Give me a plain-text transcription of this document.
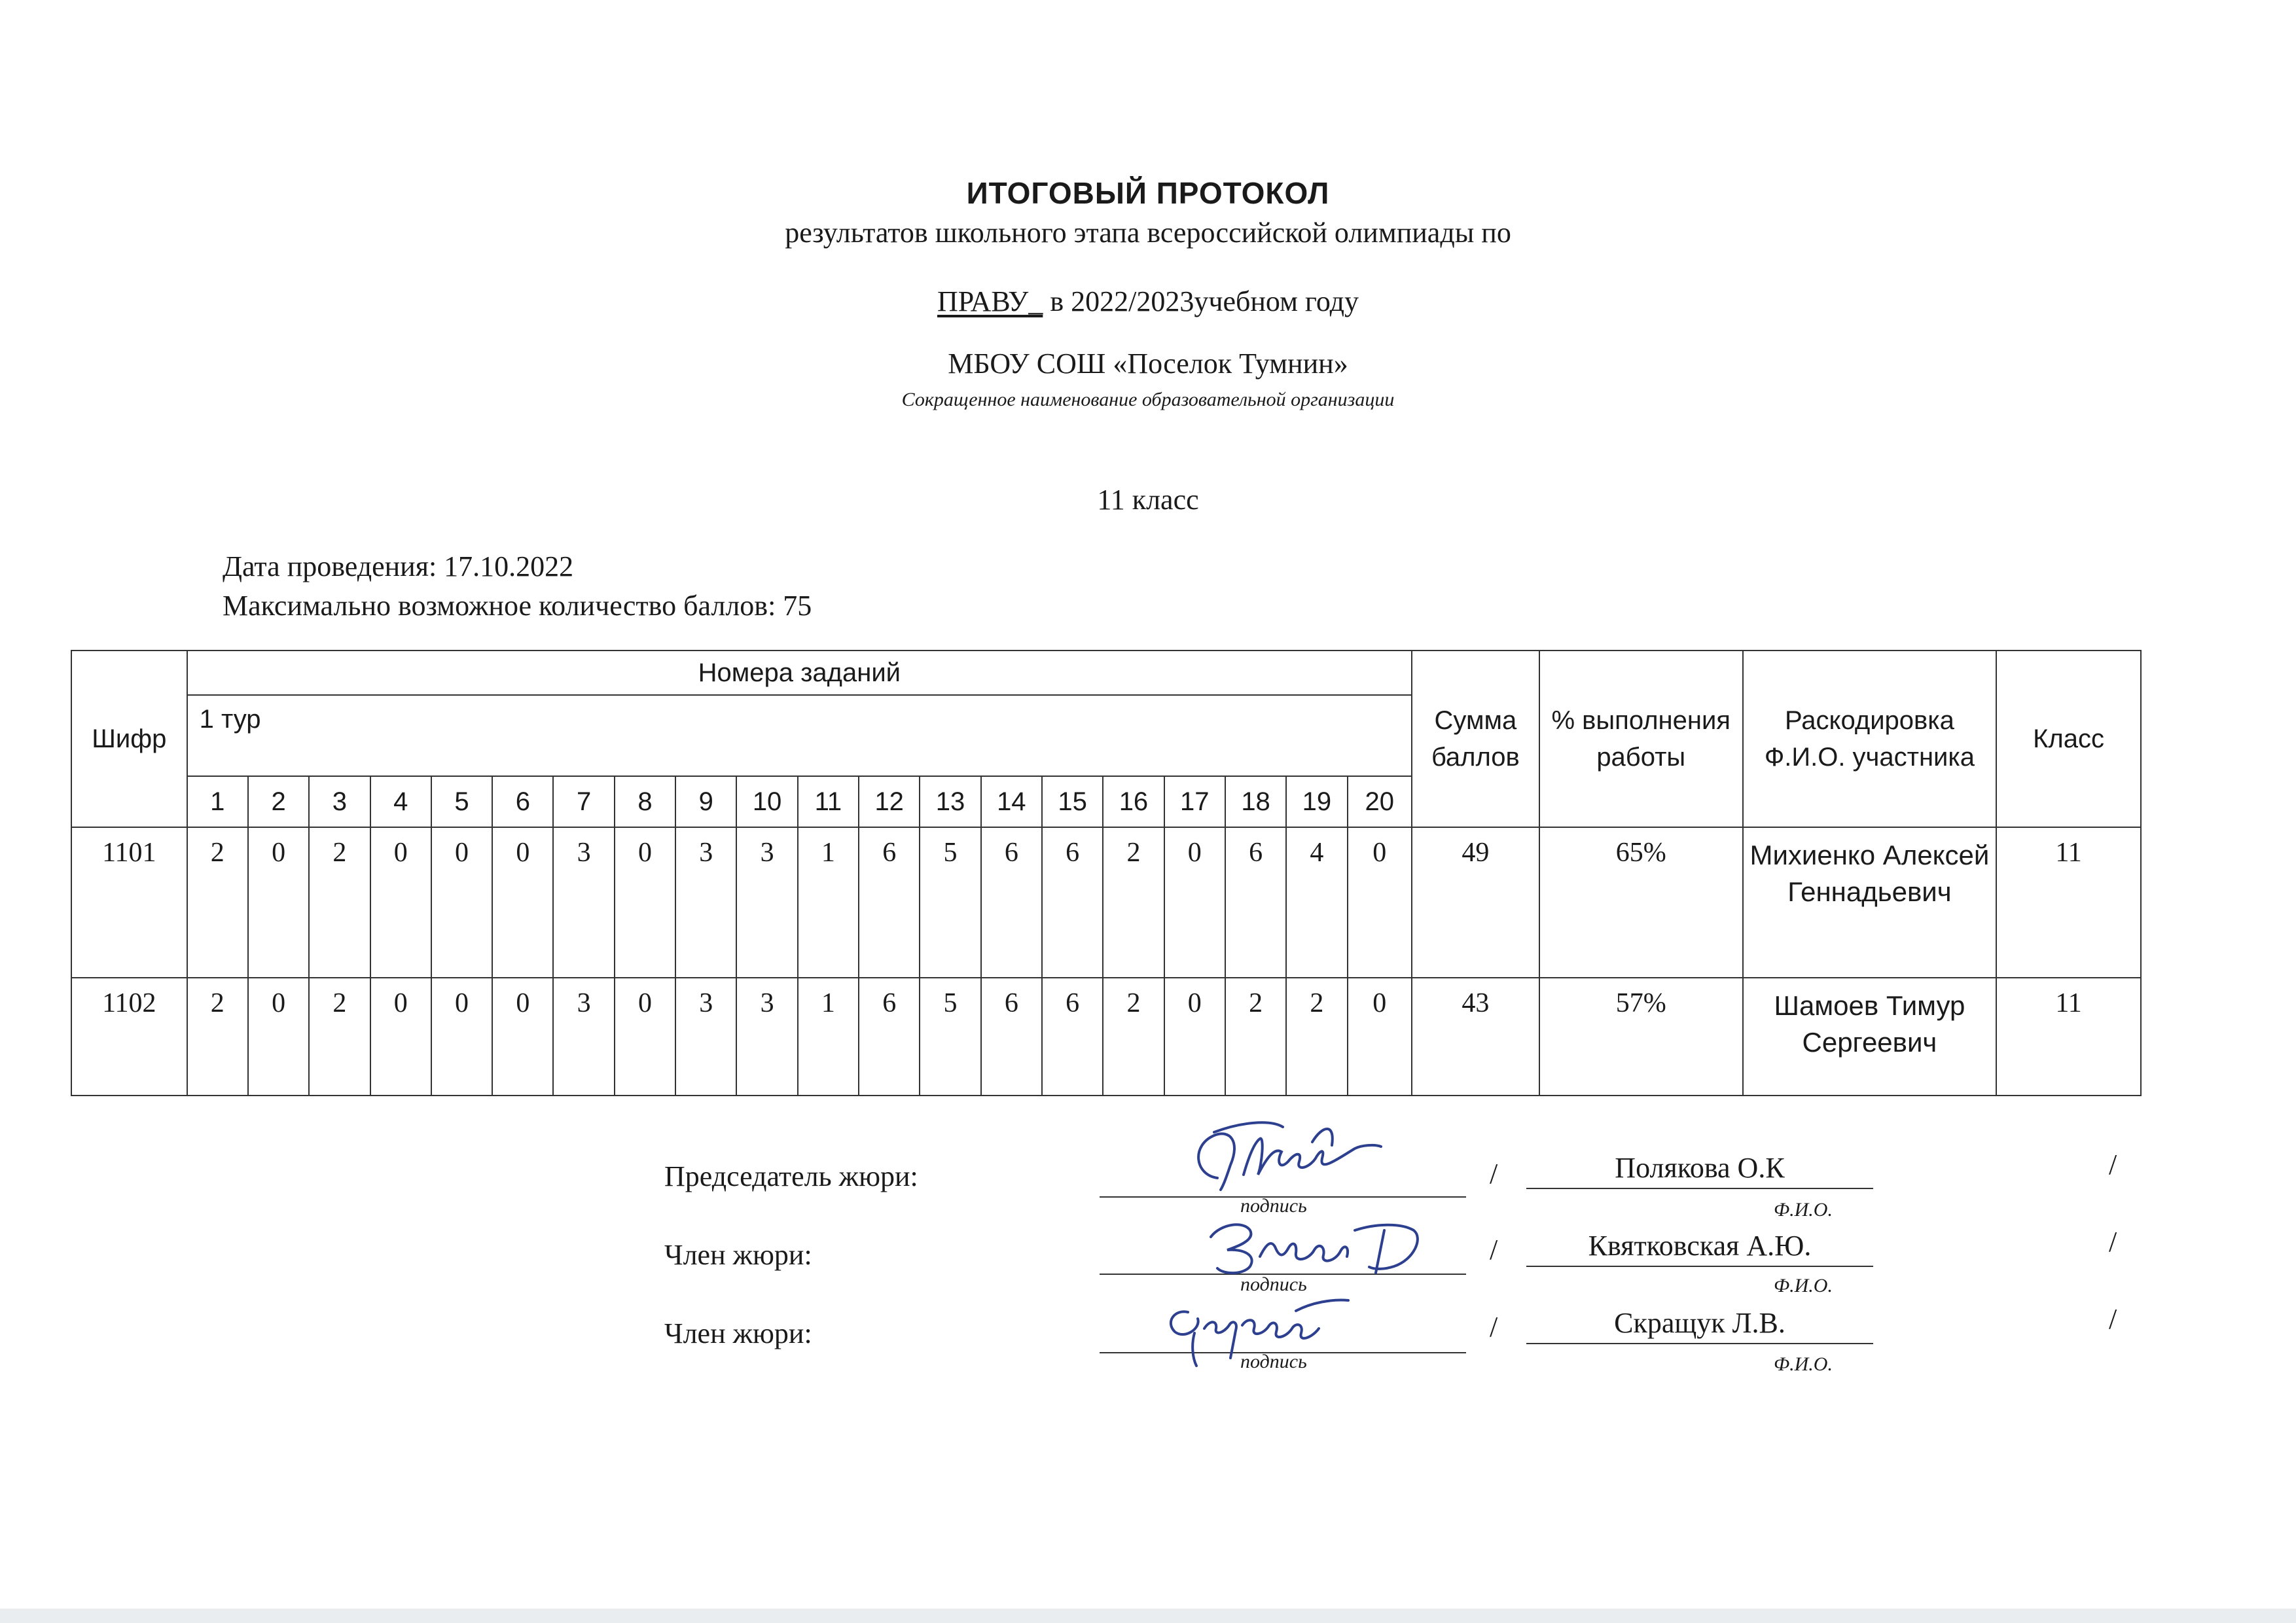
ИТОГОВЫЙ ПРОТОКОЛ
результатов школьного этапа всероссийской олимпиады по
ПРАВУ_ в 2022/2023учебном году
МБОУ СОШ «Поселок Тумнин»
Сокращенное наименование образовательной организации
11 класс
Дата проведения: 17.10.2022
Максимально возможное количество баллов: 75
Шифр	Номера заданий																				Сумма баллов	% выполнения работы	Раскодировка Ф.И.О. участника	Класс
	1 тур																							
	1	2	3	4	5	6	7	8	9	10	11	12	13	14	15	16	17	18	19	20				
1101	2	0	2	0	0	0	3	0	3	3	1	6	5	6	6	2	0	6	4	0	49	65%	Михиенко Алексей Геннадьевич	11
1102	2	0	2	0	0	0	3	0	3	3	1	6	5	6	6	2	0	2	2	0	43	57%	Шамоев Тимур Сергеевич	11
Председатель жюри:
подпись
/	Полякова О.К	/
Ф.И.О.
Член жюри:
подпись
/	Квятковская А.Ю.	/
Ф.И.О.
Член жюри:
подпись
/	Скращук Л.В.	/
Ф.И.О.
